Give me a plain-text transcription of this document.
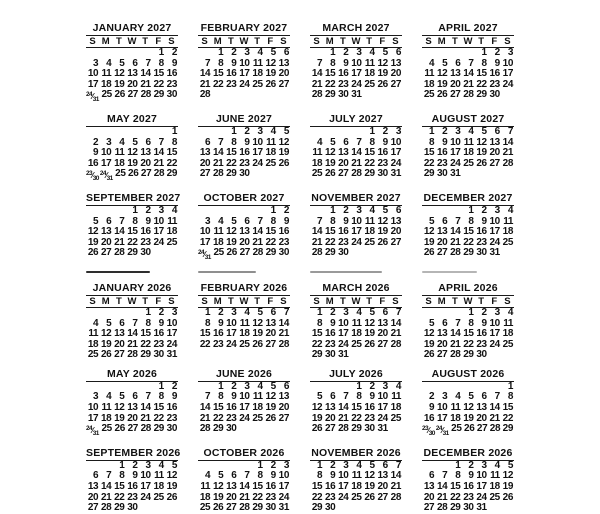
JANUARY 2027
S M T W T F S
1 2
3 4 5 6 7 8 9
10 11 12 13 14 15 16
17 18 19 20 21 22 23
$^{24}⁄_{31}$ 25 26 27 28 29 30
FEBRUARY 2027
S M T W T F S
1 2 3 4 5 6
7 8 9 10 11 12 13
14 15 16 17 18 19 20
21 22 23 24 25 26 27
28
MARCH 2027
S M T W T F S
1 2 3 4 5 6
7 8 9 10 11 12 13
14 15 16 17 18 19 20
21 22 23 24 25 26 27
28 29 30 31
APRIL 2027
S M T W T F S
1 2 3
4 5 6 7 8 9 10
11 12 13 14 15 16 17
18 19 20 21 22 23 24
25 26 27 28 29 30
MAY 2027
1
2 3 4 5 6 7 8
9 10 11 12 13 14 15
16 17 18 19 20 21 22
$^{23}⁄_{30}$
$^{24}⁄_{31}$ 25 26 27 28 29
JUNE 2027
1 2 3 4 5
6 7 8 9 10 11 12
13 14 15 16 17 18 19
20 21 22 23 24 25 26
27 28 29 30
JULY 2027
1 2 3
4 5 6 7 8 9 10
11 12 13 14 15 16 17
18 19 20 21 22 23 24
25 26 27 28 29 30 31
AUGUST 2027
1 2 3 4 5 6 7
8 9 10 11 12 13 14
15 16 17 18 19 20 21
22 23 24 25 26 27 28
29 30 31
SEPTEMBER 2027
1 2 3 4
5 6 7 8 9 10 11
12 13 14 15 16 17 18
19 20 21 22 23 24 25
26 27 28 29 30
OCTOBER 2027
1 2
3 4 5 6 7 8 9
10 11 12 13 14 15 16
17 18 19 20 21 22 23
$^{24}⁄_{31}$ 25 26 27 28 29 30
NOVEMBER 2027
1 2 3 4 5 6
7 8 9 10 11 12 13
14 15 16 17 18 19 20
21 22 23 24 25 26 27
28 29 30
DECEMBER 2027
1 2 3 4
5 6 7 8 9 10 11
12 13 14 15 16 17 18
19 20 21 22 23 24 25
26 27 28 29 30 31
JANUARY 2026
S M T W T F S
1 2 3
4 5 6 7 8 9 10
11 12 13 14 15 16 17
18 19 20 21 22 23 24
25 26 27 28 29 30 31
FEBRUARY 2026
S M T W T F S
1 2 3 4 5 6 7
8 9 10 11 12 13 14
15 16 17 18 19 20 21
22 23 24 25 26 27 28
MARCH 2026
S M T W T F S
1 2 3 4 5 6 7
8 9 10 11 12 13 14
15 16 17 18 19 20 21
22 23 24 25 26 27 28
29 30 31
APRIL 2026
S M T W T F S
1 2 3 4
5 6 7 8 9 10 11
12 13 14 15 16 17 18
19 20 21 22 23 24 25
26 27 28 29 30
MAY 2026
1 2
3 4 5 6 7 8 9
10 11 12 13 14 15 16
17 18 19 20 21 22 23
$^{24}⁄_{31}$ 25 26 27 28 29 30
JUNE 2026
1 2 3 4 5 6
7 8 9 10 11 12 13
14 15 16 17 18 19 20
21 22 23 24 25 26 27
28 29 30
JULY 2026
1 2 3 4
5 6 7 8 9 10 11
12 13 14 15 16 17 18
19 20 21 22 23 24 25
26 27 28 29 30 31
AUGUST 2026
1
2 3 4 5 6 7 8
9 10 11 12 13 14 15
16 17 18 19 20 21 22
$^{23}⁄_{30}$
$^{24}⁄_{31}$ 25 26 27 28 29
SEPTEMBER 2026
1 2 3 4 5
6 7 8 9 10 11 12
13 14 15 16 17 18 19
20 21 22 23 24 25 26
27 28 29 30
OCTOBER 2026
1 2 3
4 5 6 7 8 9 10
11 12 13 14 15 16 17
18 19 20 21 22 23 24
25 26 27 28 29 30 31
NOVEMBER 2026
1 2 3 4 5 6 7
8 9 10 11 12 13 14
15 16 17 18 19 20 21
22 23 24 25 26 27 28
29 30
DECEMBER 2026
1 2 3 4 5
6 7 8 9 10 11 12
13 14 15 16 17 18 19
20 21 22 23 24 25 26
27 28 29 30 31
